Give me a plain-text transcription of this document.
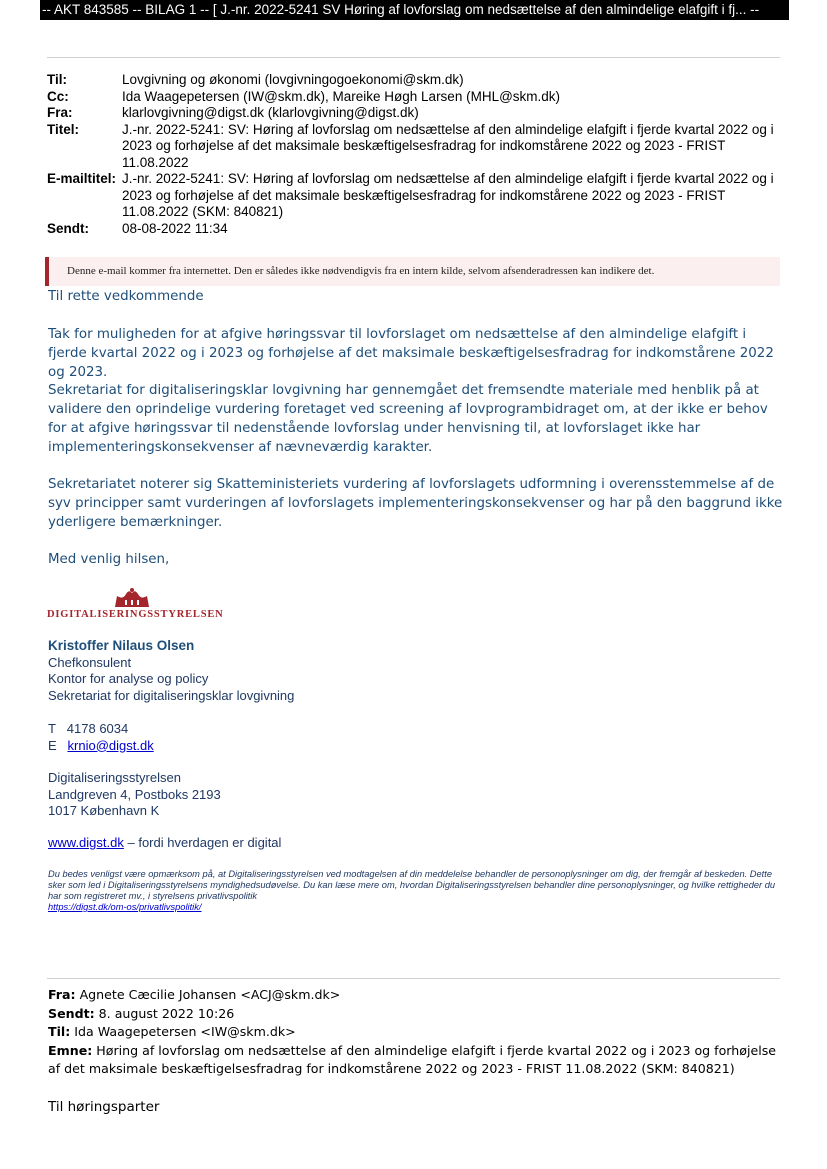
-- AKT 843585 -- BILAG 1 -- [ J.-nr. 2022-5241 SV Høring af lovforslag om nedsættelse af den almindelige elafgift i fj... --
Til:	Lovgivning og økonomi (lovgivningogoekonomi@skm.dk)
Cc:	Ida Waagepetersen (IW@skm.dk), Mareike Høgh Larsen (MHL@skm.dk)
Fra:	klarlovgivning@digst.dk (klarlovgivning@digst.dk)
Titel:	J.-nr. 2022-5241: SV: Høring af lovforslag om nedsættelse af den almindelige elafgift i fjerde kvartal 2022 og i 2023 og forhøjelse af det maksimale beskæftigelsesfradrag for indkomstårene 2022 og 2023 - FRIST 11.08.2022
E-mailtitel: J.-nr. 2022-5241: SV: Høring af lovforslag om nedsættelse af den almindelige elafgift i fjerde kvartal 2022 og i 2023 og forhøjelse af det maksimale beskæftigelsesfradrag for indkomstårene 2022 og 2023 - FRIST 11.08.2022 (SKM: 840821)
Sendt:	08-08-2022 11:34
Denne e-mail kommer fra internettet. Den er således ikke nødvendigvis fra en intern kilde, selvom afsenderadressen kan indikere det.

Til rette vedkommende

Tak for muligheden for at afgive høringssvar til lovforslaget om nedsættelse af den almindelige elafgift i fjerde kvartal 2022 og i 2023 og forhøjelse af det maksimale beskæftigelsesfradrag for indkomstårene 2022 og 2023.

Sekretariat for digitaliseringsklar lovgivning har gennemgået det fremsendte materiale med henblik på at validere den oprindelige vurdering foretaget ved screening af lovprogrambidraget om, at der ikke er behov for at afgive høringssvar til nedenstående lovforslag under henvisning til, at lovforslaget ikke har implementeringskonsekvenser af nævneværdig karakter.

Sekretariatet noterer sig Skatteministeriets vurdering af lovforslagets udformning i overensstemmelse af de syv principper samt vurderingen af lovforslagets implementeringskonsekvenser og har på den baggrund ikke yderligere bemærkninger.

Med venlig hilsen,

DIGITALISERINGSSTYRELSEN
Kristoffer Nilaus Olsen
Chefkonsulent
Kontor for analyse og policy
Sekretariat for digitaliseringsklar lovgivning
T 4178 6034
E krnio@digst.dk
Digitaliseringsstyrelsen
Landgreven 4, Postboks 2193
1017 København K
www.digst.dk – fordi hverdagen er digital
Du bedes venligst være opmærksom på, at Digitaliseringsstyrelsen ved modtagelsen af din meddelelse behandler de personoplysninger om dig, der fremgår af beskeden. Dette sker som led i Digitaliseringsstyrelsens myndighedsudøvelse. Du kan læse mere om, hvordan Digitaliseringsstyrelsen behandler dine personoplysninger, og hvilke rettigheder du har som registreret mv., i styrelsens privatlivspolitik
https://digst.dk/om-os/privatlivspolitik/
Fra: Agnete Cæcilie Johansen <ACJ@skm.dk>
Sendt: 8. august 2022 10:26
Til: Ida Waagepetersen <IW@skm.dk>
Emne: Høring af lovforslag om nedsættelse af den almindelige elafgift i fjerde kvartal 2022 og i 2023 og forhøjelse af det maksimale beskæftigelsesfradrag for indkomstårene 2022 og 2023 - FRIST 11.08.2022 (SKM: 840821)
Til høringsparter
